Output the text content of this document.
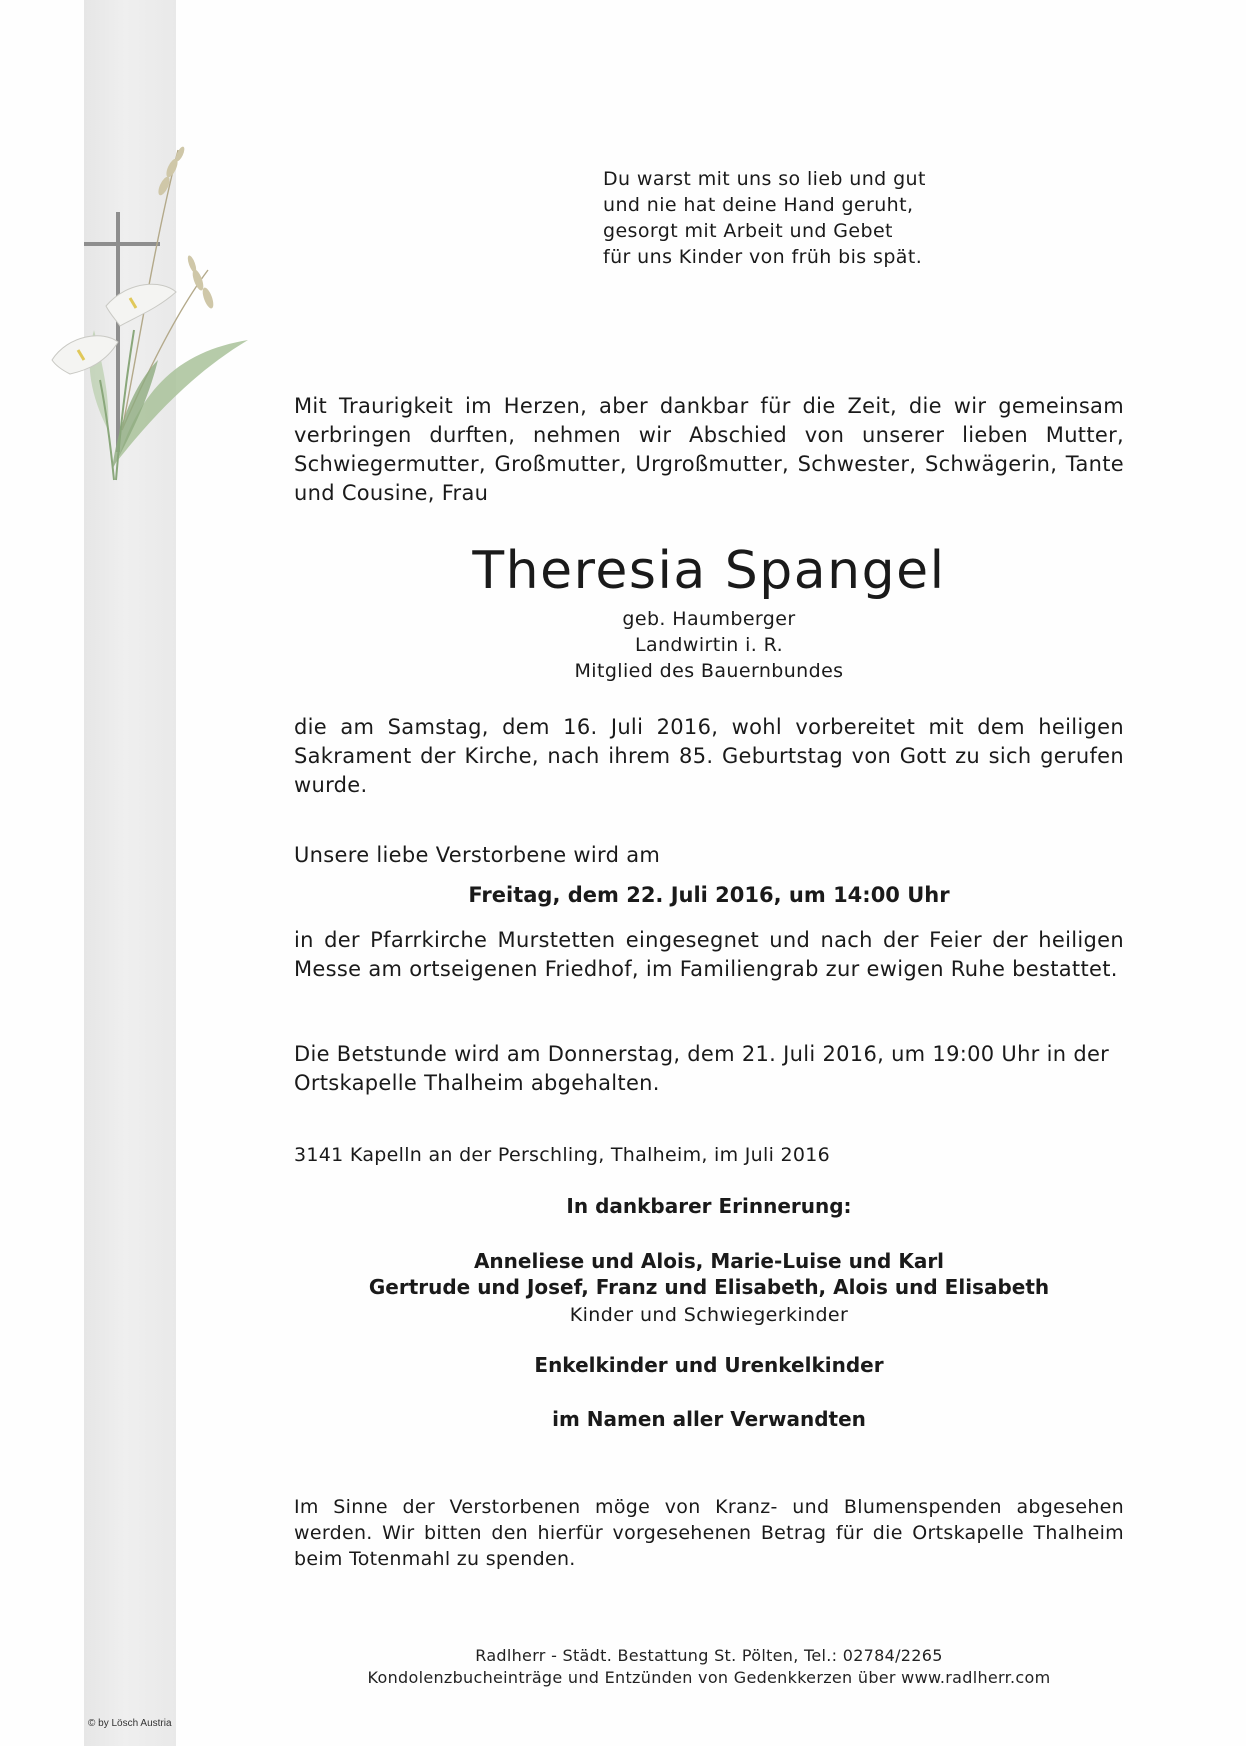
Du warst mit uns so lieb und gut
und nie hat deine Hand geruht,
gesorgt mit Arbeit und Gebet
für uns Kinder von früh bis spät.
Mit Traurigkeit im Herzen, aber dankbar für die Zeit, die wir gemeinsam verbringen durften, nehmen wir Abschied von unserer lieben Mutter, Schwiegermutter, Großmutter, Urgroßmutter, Schwester, Schwägerin, Tante und Cousine, Frau
Theresia Spangel
geb. Haumberger
Landwirtin i. R.
Mitglied des Bauernbundes
die am Samstag, dem 16. Juli 2016, wohl vorbereitet mit dem heiligen Sakrament der Kirche, nach ihrem 85. Geburtstag von Gott zu sich gerufen wurde.
Unsere liebe Verstorbene wird am
Freitag, dem 22. Juli 2016, um 14:00 Uhr
in der Pfarrkirche Murstetten eingesegnet und nach der Feier der heiligen Messe am ortseigenen Friedhof, im Familiengrab zur ewigen Ruhe bestattet.
Die Betstunde wird am Donnerstag, dem 21. Juli 2016, um 19:00 Uhr in der Ortskapelle Thalheim abgehalten.
3141 Kapelln an der Perschling, Thalheim, im Juli 2016
In dankbarer Erinnerung:
Anneliese und Alois, Marie-Luise und Karl
Gertrude und Josef, Franz und Elisabeth, Alois und Elisabeth
Kinder und Schwiegerkinder
Enkelkinder und Urenkelkinder
im Namen aller Verwandten
Im Sinne der Verstorbenen möge von Kranz- und Blumenspenden abgesehen werden. Wir bitten den hierfür vorgesehenen Betrag für die Ortskapelle Thalheim beim Totenmahl zu spenden.
Radlherr - Städt. Bestattung St. Pölten, Tel.: 02784/2265
Kondolenzbucheinträge und Entzünden von Gedenkkerzen über www.radlherr.com
© by Lösch Austria
